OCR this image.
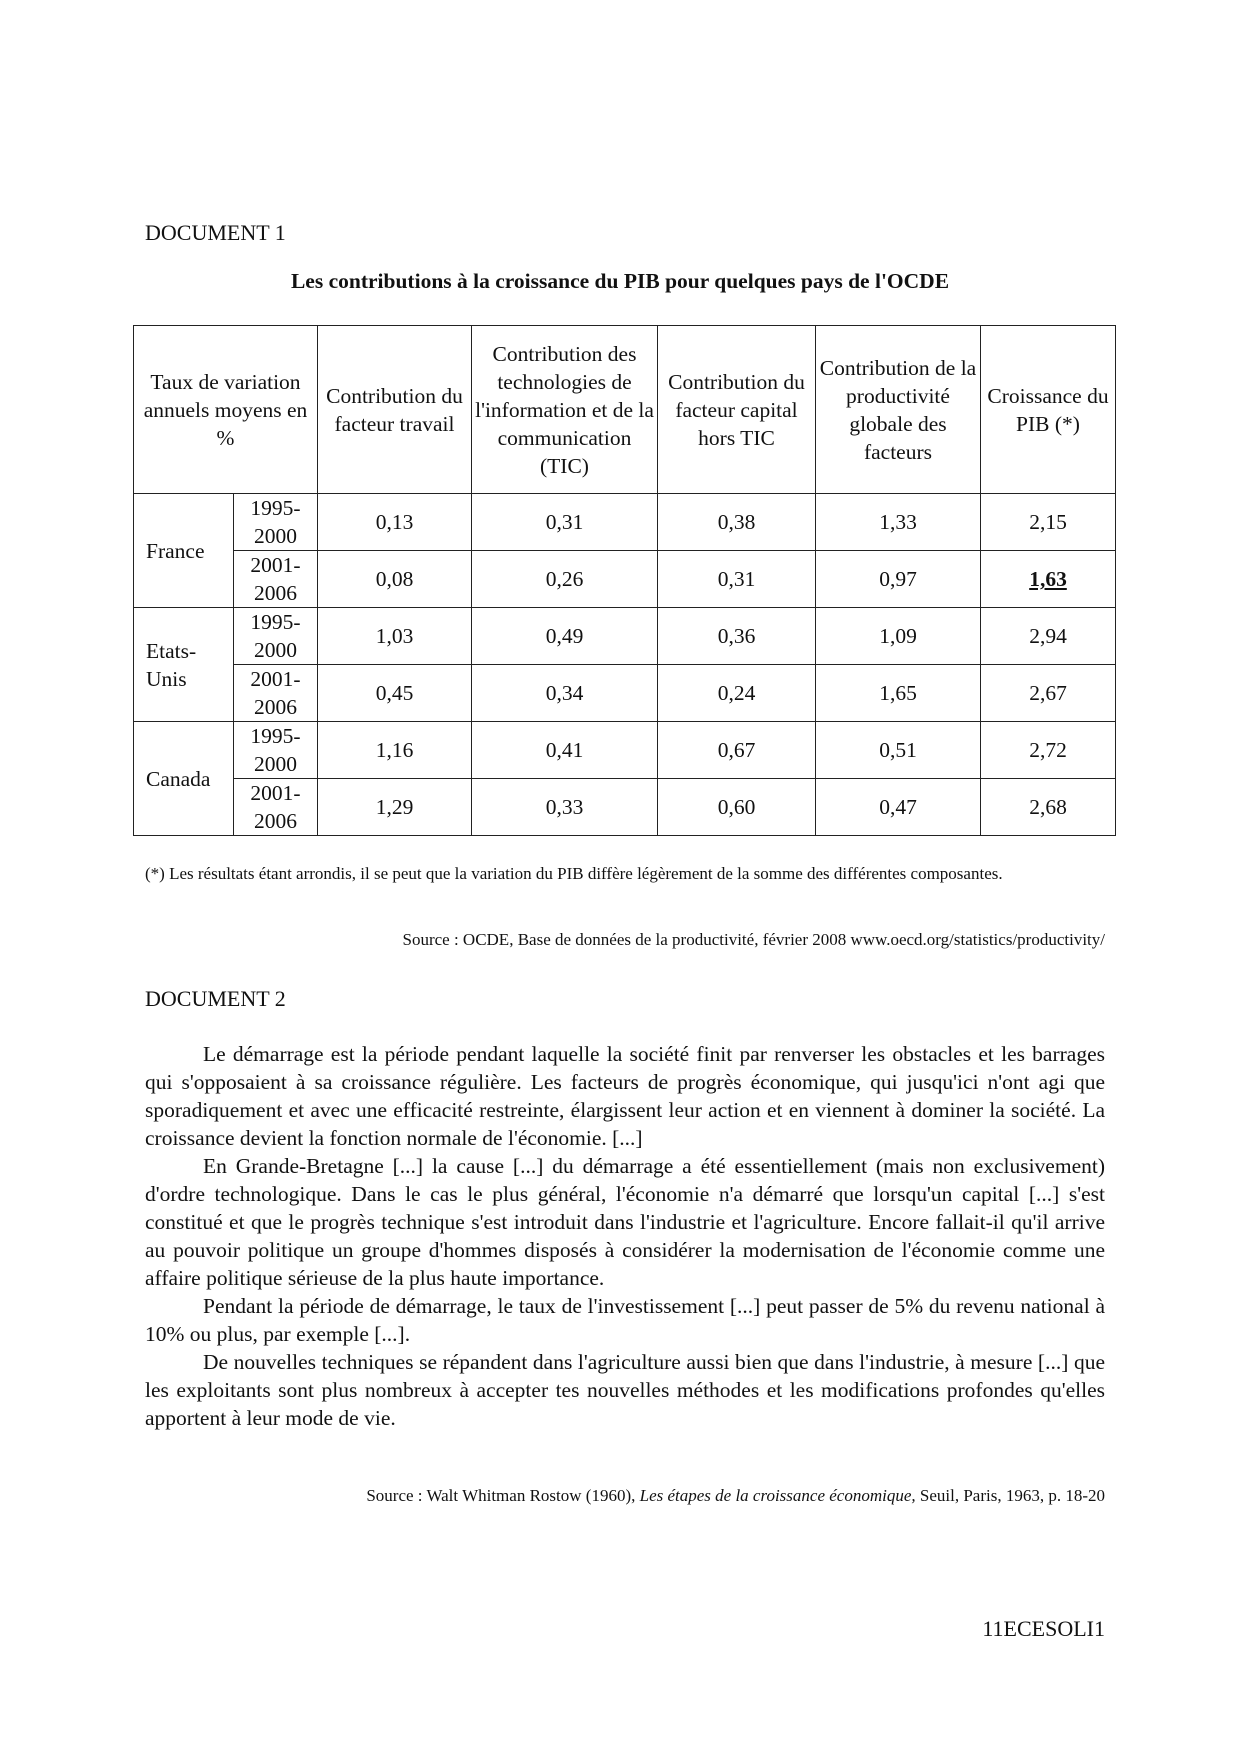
DOCUMENT 1
Les contributions à la croissance du PIB pour quelques pays de l'OCDE
Taux de variation annuels moyens en %		Contribution du facteur travail	Contribution des technologies de l'information et de la communication (TIC)	Contribution du facteur capital hors TIC	Contribution de la productivité globale des facteurs	Croissance du PIB (*)
France	1995-2000	0,13	0,31	0,38	1,33	2,15
	2001-2006	0,08	0,26	0,31	0,97	1,63
Etats-Unis	1995-2000	1,03	0,49	0,36	1,09	2,94
	2001-2006	0,45	0,34	0,24	1,65	2,67
Canada	1995-2000	1,16	0,41	0,67	0,51	2,72
	2001-2006	1,29	0,33	0,60	0,47	2,68
(*) Les résultats étant arrondis, il se peut que la variation du PIB diffère légèrement de la somme des différentes composantes.
Source : OCDE, Base de données de la productivité, février 2008 www.oecd.org/statistics/productivity/
DOCUMENT 2

Le démarrage est la période pendant laquelle la société finit par renverser les obstacles et les barrages qui s'opposaient à sa croissance régulière. Les facteurs de progrès économique, qui jusqu'ici n'ont agi que sporadiquement et avec une efficacité restreinte, élargissent leur action et en viennent à dominer la société. La croissance devient la fonction normale de l'économie. [...]

En Grande-Bretagne [...] la cause [...] du démarrage a été essentiellement (mais non exclusivement) d'ordre technologique. Dans le cas le plus général, l'économie n'a démarré que lorsqu'un capital [...] s'est constitué et que le progrès technique s'est introduit dans l'industrie et l'agriculture. Encore fallait-il qu'il arrive au pouvoir politique un groupe d'hommes disposés à considérer la modernisation de l'économie comme une affaire politique sérieuse de la plus haute importance.

Pendant la période de démarrage, le taux de l'investissement [...] peut passer de 5% du revenu national à 10% ou plus, par exemple [...].

De nouvelles techniques se répandent dans l'agriculture aussi bien que dans l'industrie, à mesure [...] que les exploitants sont plus nombreux à accepter tes nouvelles méthodes et les modifications profondes qu'elles apportent à leur mode de vie.

Source : Walt Whitman Rostow (1960), Les étapes de la croissance économique, Seuil, Paris, 1963, p. 18-20
11ECESOLI1
